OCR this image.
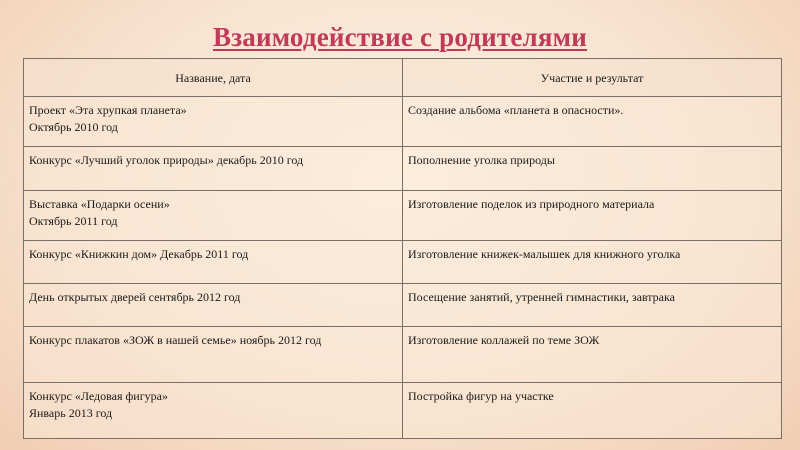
Взаимодействие с родителями
Название, дата	Участие и результат
Проект «Эта хрупкая планета»
Октябрь 2010 год	Создание альбома «планета в опасности».
Конкурс «Лучший уголок природы» декабрь 2010 год	Пополнение уголка природы
Выставка «Подарки осени»
Октябрь 2011 год	Изготовление поделок из природного материала
Конкурс «Книжкин дом» Декабрь 2011 год	Изготовление книжек-малышек для книжного уголка
День открытых дверей сентябрь 2012 год	Посещение занятий, утренней гимнастики, завтрака
Конкурс плакатов «ЗОЖ в нашей семье» ноябрь 2012 год	Изготовление коллажей по теме ЗОЖ
Конкурс «Ледовая фигура»
Январь 2013 год	Постройка фигур на участке
